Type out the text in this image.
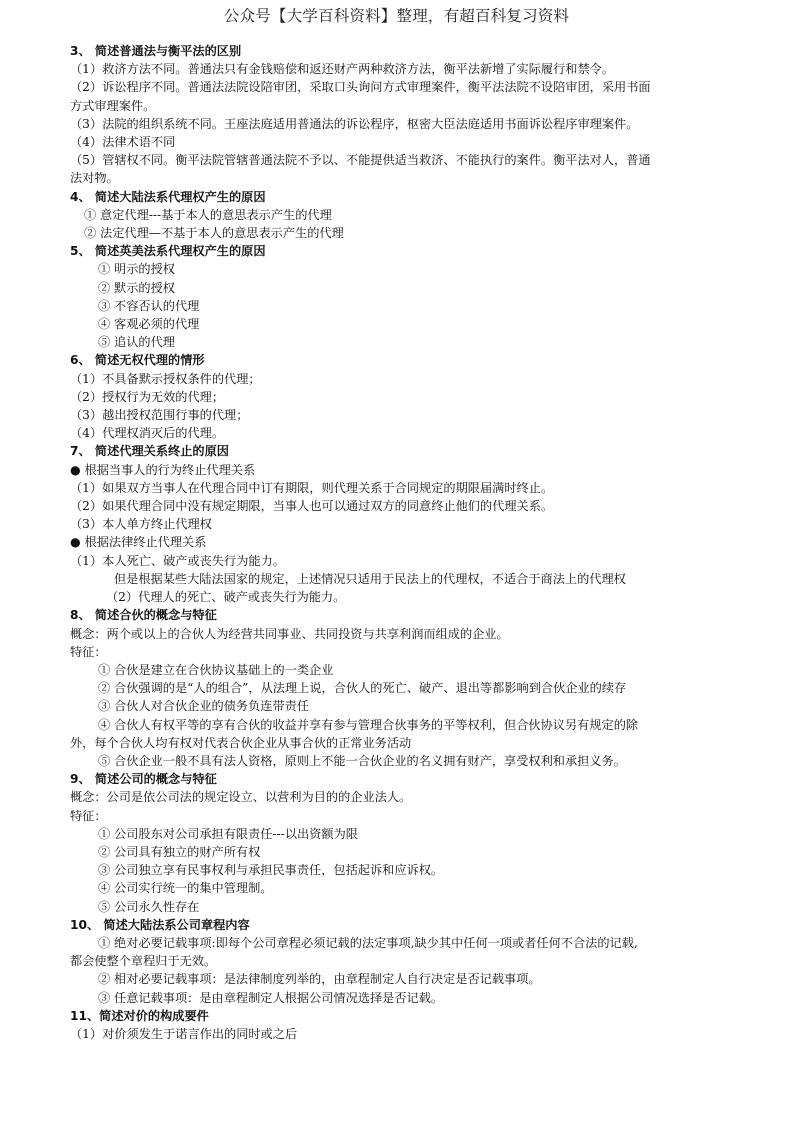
公众号【大学百科资料】整理，有超百科复习资料
3、 简述普通法与衡平法的区别
（1）救济方法不同。普通法只有金钱赔偿和返还财产两种救济方法，衡平法新增了实际履行和禁令。
（2）诉讼程序不同。普通法法院设陪审团，采取口头询问方式审理案件，衡平法法院不设陪审团，采用书面
方式审理案件。
（3）法院的组织系统不同。王座法庭适用普通法的诉讼程序，枢密大臣法庭适用书面诉讼程序审理案件。
（4）法律术语不同
（5）管辖权不同。衡平法院管辖普通法院不予以、不能提供适当救济、不能执行的案件。衡平法对人，普通
法对物。
4、 简述大陆法系代理权产生的原因
① 意定代理---基于本人的意思表示产生的代理
② 法定代理—不基于本人的意思表示产生的代理
5、 简述英美法系代理权产生的原因
① 明示的授权
② 默示的授权
③ 不容否认的代理
④ 客观必须的代理
⑤ 追认的代理
6、 简述无权代理的情形
（1）不具备默示授权条件的代理；
（2）授权行为无效的代理；
（3）越出授权范围行事的代理；
（4）代理权消灭后的代理。
7、 简述代理关系终止的原因
● 根据当事人的行为终止代理关系
（1）如果双方当事人在代理合同中订有期限，则代理关系于合同规定的期限届满时终止。
（2）如果代理合同中没有规定期限，当事人也可以通过双方的同意终止他们的代理关系。
（3）本人单方终止代理权
● 根据法律终止代理关系
（1）本人死亡、破产或丧失行为能力。
但是根据某些大陆法国家的规定，上述情况只适用于民法上的代理权，不适合于商法上的代理权
（2）代理人的死亡、破产或丧失行为能力。
8、 简述合伙的概念与特征
概念：两个或以上的合伙人为经营共同事业、共同投资与共享利润而组成的企业。
特征：
① 合伙是建立在合伙协议基础上的一类企业
② 合伙强调的是“人的组合”，从法理上说，合伙人的死亡、破产、退出等都影响到合伙企业的续存
③ 合伙人对合伙企业的债务负连带责任
④ 合伙人有权平等的享有合伙的收益并享有参与管理合伙事务的平等权利，但合伙协议另有规定的除
外，每个合伙人均有权对代表合伙企业从事合伙的正常业务活动
⑤ 合伙企业一般不具有法人资格，原则上不能一合伙企业的名义拥有财产，享受权利和承担义务。
9、 简述公司的概念与特征
概念：公司是依公司法的规定设立、以营利为目的的企业法人。
特征：
① 公司股东对公司承担有限责任---以出资额为限
② 公司具有独立的财产所有权
③ 公司独立享有民事权利与承担民事责任，包括起诉和应诉权。
④ 公司实行统一的集中管理制。
⑤ 公司永久性存在
10、 简述大陆法系公司章程内容
① 绝对必要记载事项:即每个公司章程必须记载的法定事项,缺少其中任何一项或者任何不合法的记载,
都会使整个章程归于无效。
② 相对必要记载事项：是法律制度列举的，由章程制定人自行决定是否记载事项。
③ 任意记载事项：是由章程制定人根据公司情况选择是否记载。
11、简述对价的构成要件
（1）对价须发生于诺言作出的同时或之后
